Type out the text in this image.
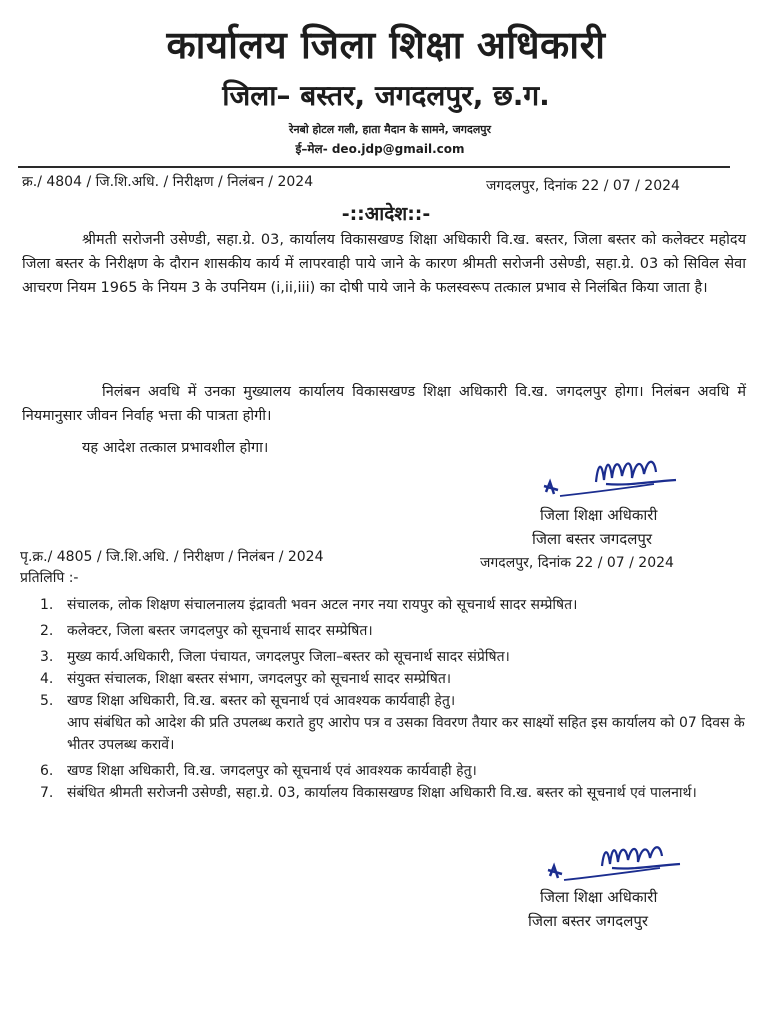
कार्यालय जिला शिक्षा अधिकारी
जिला– बस्तर, जगदलपुर, छ.ग.
रेनबो होटल गली, हाता मैदान के सामने, जगदलपुर
ई–मेल- deo.jdp@gmail.com
क्र./ 4804 / जि.शि.अधि. / निरीक्षण / निलंबन / 2024	जगदलपुर, दिनांक 22 / 07 / 2024
-::आदेश::-
श्रीमती सरोजनी उसेण्डी, सहा.ग्रे. 03, कार्यालय विकासखण्ड शिक्षा अधिकारी वि.ख. बस्तर, जिला बस्तर को कलेक्टर महोदय जिला बस्तर के निरीक्षण के दौरान शासकीय कार्य में लापरवाही पाये जाने के कारण श्रीमती सरोजनी उसेण्डी, सहा.ग्रे. 03 को सिविल सेवा आचरण नियम 1965 के नियम 3 के उपनियम (i,ii,iii) का दोषी पाये जाने के फलस्वरूप तत्काल प्रभाव से निलंबित किया जाता है।
निलंबन अवधि में उनका मुख्यालय कार्यालय विकासखण्ड शिक्षा अधिकारी वि.ख. जगदलपुर होगा। निलंबन अवधि में नियमानुसार जीवन निर्वाह भत्ता की पात्रता होगी।
यह आदेश तत्काल प्रभावशील होगा।
जिला शिक्षा अधिकारी
जिला बस्तर जगदलपुर
पृ.क्र./ 4805 / जि.शि.अधि. / निरीक्षण / निलंबन / 2024	जगदलपुर, दिनांक 22 / 07 / 2024
प्रतिलिपि :-
1. संचालक, लोक शिक्षण संचालनालय इंद्रावती भवन अटल नगर नया रायपुर को सूचनार्थ सादर सम्प्रेषित।
2. कलेक्टर, जिला बस्तर जगदलपुर को सूचनार्थ सादर सम्प्रेषित।
3. मुख्य कार्य.अधिकारी, जिला पंचायत, जगदलपुर जिला–बस्तर को सूचनार्थ सादर संप्रेषित।
4. संयुक्त संचालक, शिक्षा बस्तर संभाग, जगदलपुर को सूचनार्थ सादर सम्प्रेषित।
5. खण्ड शिक्षा अधिकारी, वि.ख. बस्तर को सूचनार्थ एवं आवश्यक कार्यवाही हेतु।
आप संबंधित को आदेश की प्रति उपलब्ध कराते हुए आरोप पत्र व उसका विवरण तैयार कर साक्ष्यों सहित इस कार्यालय को 07 दिवस के भीतर उपलब्ध करावें।
6. खण्ड शिक्षा अधिकारी, वि.ख. जगदलपुर को सूचनार्थ एवं आवश्यक कार्यवाही हेतु।
7. संबंधित श्रीमती सरोजनी उसेण्डी, सहा.ग्रे. 03, कार्यालय विकासखण्ड शिक्षा अधिकारी वि.ख. बस्तर को सूचनार्थ एवं पालनार्थ।
जिला शिक्षा अधिकारी
जिला बस्तर जगदलपुर
